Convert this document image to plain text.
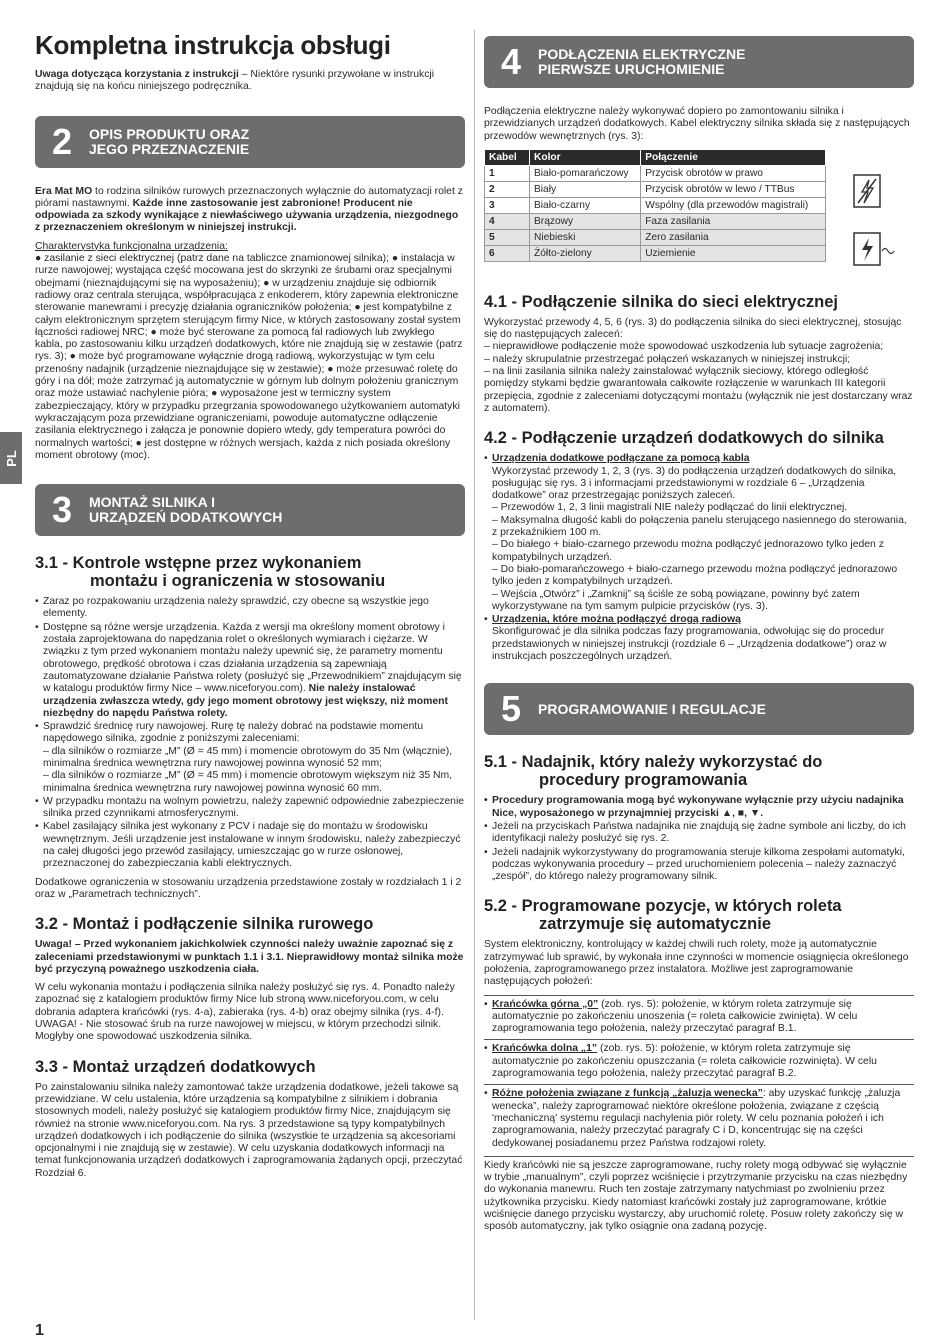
PL
Kompletna instrukcja obsługi

Uwaga dotycząca korzystania z instrukcji – Niektóre rysunki przywołane w instrukcji znajdują się na końcu niniejszego podręcznika.

2	OPIS PRODUKTU ORAZ
JEGO PRZEZNACZENIE

Era Mat MO to rodzina silników rurowych przeznaczonych wyłącznie do automatyzacji rolet z piórami nastawnymi. Każde inne zastosowanie jest zabronione! Producent nie odpowiada za szkody wynikające z niewłaściwego używania urządzenia, niezgodnego z przeznaczeniem określonym w niniejszej instrukcji.

Charakterystyka funkcjonalna urządzenia:

● zasilanie z sieci elektrycznej (patrz dane na tabliczce znamionowej silnika); ● instalacja w rurze nawojowej; wystająca część mocowana jest do skrzynki ze śrubami oraz specjalnymi obejmami (nieznajdującymi się na wyposażeniu); ● w urządzeniu znajduje się odbiornik radiowy oraz centrala sterująca, współpracująca z enkoderem, który zapewnia elektroniczne sterowanie manewrami i precyzję działania ograniczników położenia; ● jest kompatybilne z całym elektronicznym sprzętem sterującym firmy Nice, w których zastosowany został system łączności radiowej NRC; ● może być sterowane za pomocą fal radiowych lub zwykłego kabla, po zastosowaniu kilku urządzeń dodatkowych, które nie znajdują się w zestawie (patrz rys. 3); ● może być programowane wyłącznie drogą radiową, wykorzystując w tym celu przenośny nadajnik (urządzenie nieznajdujące się w zestawie); ● może przesuwać roletę do góry i na dół; może zatrzymać ją automatycznie w górnym lub dolnym położeniu granicznym oraz może ustawiać nachylenie pióra; ● wyposażone jest w termiczny system zabezpieczający, który w przypadku przegrzania spowodowanego użytkowaniem automatyki wykraczającym poza przewidziane ograniczeniami, powoduje automatyczne odłączenie zasilania elektrycznego i załącza je ponownie dopiero wtedy, gdy temperatura powróci do normalnych wartości; ● jest dostępne w różnych wersjach, każda z nich posiada określony moment obrotowy (moc).

3	MONTAŻ SILNIKA I
URZĄDZEŃ DODATKOWYCH
3.1 - Kontrole wstępne przez wykonaniem
montażu i ograniczenia w stosowaniu
• Zaraz po rozpakowaniu urządzenia należy sprawdzić, czy obecne są wszystkie jego elementy.
• Dostępne są różne wersje urządzenia. Każda z wersji ma określony moment obrotowy i została zaprojektowana do napędzania rolet o określonych wymiarach i ciężarze. W związku z tym przed wykonaniem montażu należy upewnić się, że parametry momentu obrotowego, prędkość obrotowa i czas działania urządzenia są zapewniają zautomatyzowane działanie Państwa rolety (posłużyć się „Przewodnikiem” znajdującym się w katalogu produktów firmy Nice – www.niceforyou.com). Nie należy instalować urządzenia zwłaszcza wtedy, gdy jego moment obrotowy jest większy, niż moment niezbędny do napędu Państwa rolety.
• Sprawdzić średnicę rury nawojowej. Rurę tę należy dobrać na podstawie momentu napędowego silnika, zgodnie z poniższymi zaleceniami:
– dla silników o rozmiarze „M” (Ø = 45 mm) i momencie obrotowym do 35 Nm (włącznie), minimalna średnica wewnętrzna rury nawojowej powinna wynosić 52 mm;
– dla silników o rozmiarze „M” (Ø = 45 mm) i momencie obrotowym większym niż 35 Nm, minimalna średnica wewnętrzna rury nawojowej powinna wynosić 60 mm.
• W przypadku montażu na wolnym powietrzu, należy zapewnić odpowiednie zabezpieczenie silnika przed czynnikami atmosferycznymi.
• Kabel zasilający silnika jest wykonany z PCV i nadaje się do montażu w środowisku wewnętrznym. Jeśli urządzenie jest instalowane w innym środowisku, należy zabezpieczyć na całej długości jego przewód zasilający, umieszczając go w rurze osłonowej, przeznaczonej do zabezpieczania kabli elektrycznych.

Dodatkowe ograniczenia w stosowaniu urządzenia przedstawione zostały w rozdziałach 1 i 2 oraz w „Parametrach technicznych”.

3.2 - Montaż i podłączenie silnika rurowego

Uwaga! – Przed wykonaniem jakichkolwiek czynności należy uważnie zapoznać się z zaleceniami przedstawionymi w punktach 1.1 i 3.1. Nieprawidłowy montaż silnika może być przyczyną poważnego uszkodzenia ciała.

W celu wykonania montażu i podłączenia silnika należy posłużyć się rys. 4. Ponadto należy zapoznać się z katalogiem produktów firmy Nice lub stroną www.niceforyou.com, w celu dobrania adaptera krańcówki (rys. 4-a), zabieraka (rys. 4-b) oraz obejmy silnika (rys. 4-f). UWAGA! - Nie stosować śrub na rurze nawojowej w miejscu, w którym przechodzi silnik. Mogłyby one spowodować uszkodzenia silnika.

3.3 - Montaż urządzeń dodatkowych

Po zainstalowaniu silnika należy zamontować także urządzenia dodatkowe, jeżeli takowe są przewidziane. W celu ustalenia, które urządzenia są kompatybilne z silnikiem i dobrania stosownych modeli, należy posłużyć się katalogiem produktów firmy Nice, znajdującym się również na stronie www.niceforyou.com. Na rys. 3 przedstawione są typy kompatybilnych urządzeń dodatkowych i ich podłączenie do silnika (wszystkie te urządzenia są akcesoriami opcjonalnymi i nie znajdują się w zestawie). W celu uzyskania dodatkowych informacji na temat funkcjonowania urządzeń dodatkowych i zaprogramowania żądanych opcji, przeczytać Rozdział 6.

4	PODŁĄCZENIA ELEKTRYCZNE
PIERWSZE URUCHOMIENIE

Podłączenia elektryczne należy wykonywać dopiero po zamontowaniu silnika i przewidzianych urządzeń dodatkowych. Kabel elektryczny silnika składa się z następujących przewodów wewnętrznych (rys. 3):

Kabel	Kolor	Połączenie
1	Biało-pomarańczowy	Przycisk obrotów w prawo
2	Biały	Przycisk obrotów w lewo / TTBus
3	Biało-czarny	Wspólny (dla przewodów magistrali)
4	Brązowy	Faza zasilania
5	Niebieski	Zero zasilania
6	Żółto-zielony	Uziemienie
4.1 - Podłączenie silnika do sieci elektrycznej

Wykorzystać przewody 4, 5, 6 (rys. 3) do podłączenia silnika do sieci elektrycznej, stosując się do następujących zaleceń:

– nieprawidłowe podłączenie może spowodować uszkodzenia lub sytuacje zagrożenia;
– należy skrupulatnie przestrzegać połączeń wskazanych w niniejszej instrukcji;
– na linii zasilania silnika należy zainstalować wyłącznik sieciowy, którego odległość pomiędzy stykami będzie gwarantowała całkowite rozłączenie w warunkach III kategorii przepięcia, zgodnie z zaleceniami dotyczącymi montażu (wyłącznik nie jest dostarczany wraz z automatem).
4.2 - Podłączenie urządzeń dodatkowych do silnika
• Urządzenia dodatkowe podłączane za pomocą kabla
Wykorzystać przewody 1, 2, 3 (rys. 3) do podłączenia urządzeń dodatkowych do silnika, posługując się rys. 3 i informacjami przedstawionymi w rozdziale 6 – „Urządzenia dodatkowe” oraz przestrzegając poniższych zaleceń.
– Przewodów 1, 2, 3 linii magistrali NIE należy podłączać do linii elektrycznej.
– Maksymalna długość kabli do połączenia panelu sterującego nasiennego do sterowania, z przekaźnikiem 100 m.
– Do białego + biało-czarnego przewodu można podłączyć jednorazowo tylko jeden z kompatybilnych urządzeń.
– Do biało-pomarańczowego + biało-czarnego przewodu można podłączyć jednorazowo tylko jeden z kompatybilnych urządzeń.
– Wejścia „Otwórz” i „Zamknij” są ściśle ze sobą powiązane, powinny być zatem wykorzystywane na tym samym pulpicie przycisków (rys. 3).
• Urządzenia, które można podłączyć drogą radiową
Skonfigurować je dla silnika podczas fazy programowania, odwołując się do procedur przedstawionych w niniejszej instrukcji (rozdziale 6 – „Urządzenia dodatkowe”) oraz w instrukcjach poszczególnych urządzeń.
5	PROGRAMOWANIE I REGULACJE
5.1 - Nadajnik, który należy wykorzystać do
procedury programowania
• Procedury programowania mogą być wykonywane wyłącznie przy użyciu nadajnika Nice, wyposażonego w przynajmniej przyciski ▲, ■, ▼.
• Jeżeli na przyciskach Państwa nadajnika nie znajdują się żadne symbole ani liczby, do ich identyfikacji należy posłużyć się rys. 2.
• Jeżeli nadajnik wykorzystywany do programowania steruje kilkoma zespołami automatyki, podczas wykonywania procedury – przed uruchomieniem polecenia – należy zaznaczyć „zespół”, do którego należy programowany silnik.
5.2 - Programowane pozycje, w których roleta
zatrzymuje się automatycznie

System elektroniczny, kontrolujący w każdej chwili ruch rolety, może ją automatycznie zatrzymywać lub sprawić, by wykonała inne czynności w momencie osiągnięcia określonego położenia, zaprogramowanego przez instalatora. Możliwe jest zaprogramowanie następujących położeń:

• Krańcówka górna „0” (zob. rys. 5): położenie, w którym roleta zatrzymuje się automatycznie po zakończeniu unoszenia (= roleta całkowicie zwinięta). W celu zaprogramowania tego położenia, należy przeczytać paragraf B.1.
• Krańcówka dolna „1” (zob. rys. 5): położenie, w którym roleta zatrzymuje się automatycznie po zakończeniu opuszczania (= roleta całkowicie rozwinięta). W celu zaprogramowania tego położenia, należy przeczytać paragraf B.2.
• Różne położenia związane z funkcją „żaluzja wenecka”: aby uzyskać funkcję „żaluzja wenecka”, należy zaprogramować niektóre określone położenia, związane z częścią 'mechaniczną' systemu regulacji nachylenia piór rolety. W celu poznania położeń i ich zaprogramowania, należy przeczytać paragrafy C i D, koncentrując się na części dedykowanej posiadanemu przez Państwa rodzajowi rolety.

Kiedy krańcówki nie są jeszcze zaprogramowane, ruchy rolety mogą odbywać się wyłącznie w trybie „manualnym”, czyli poprzez wciśnięcie i przytrzymanie przycisku na czas niezbędny do wykonania manewru. Ruch ten zostaje zatrzymany natychmiast po zwolnieniu przez użytkownika przycisku. Kiedy natomiast krańcówki zostały już zaprogramowane, krótkie wciśnięcie danego przycisku wystarczy, aby uruchomić roletę. Posuw rolety zakończy się w sposób automatyczny, jak tylko osiągnie ona zadaną pozycję.

1
